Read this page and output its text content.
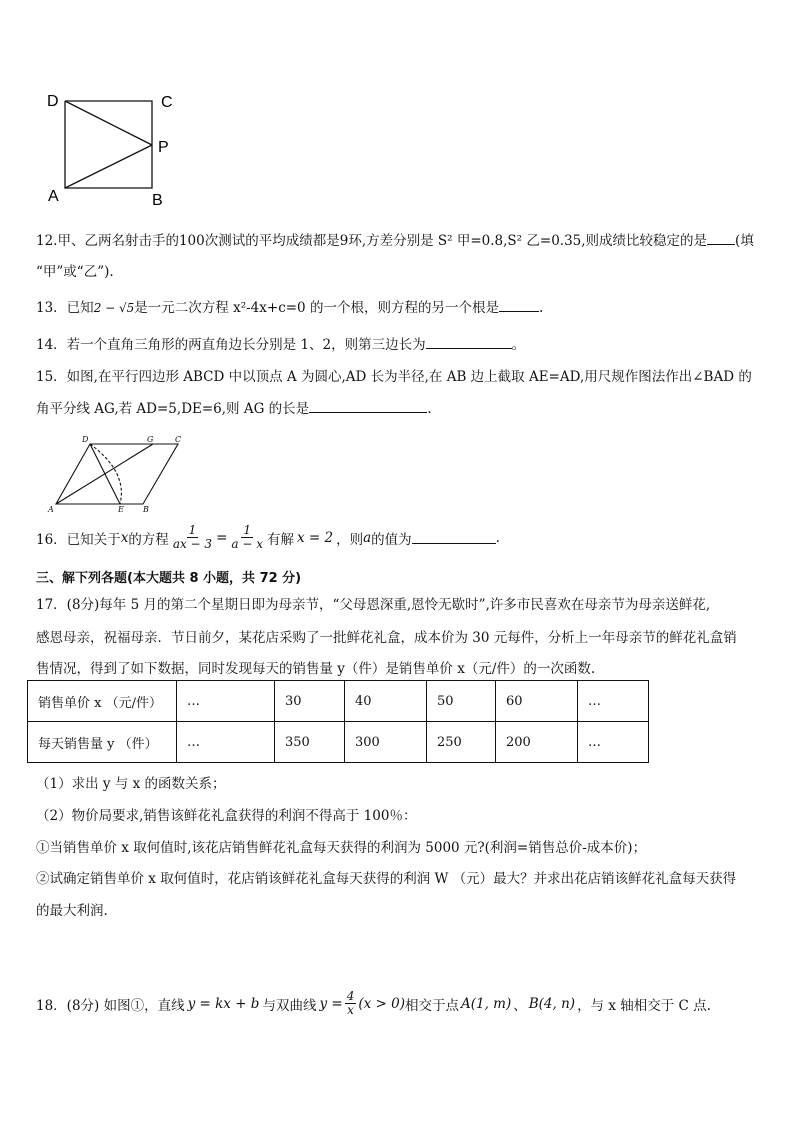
D	C
P
A	B
12.甲、乙两名射击手的100次测试的平均成绩都是9环,方差分别是 S² 甲=0.8,S² 乙=0.35,则成绩比较稳定的是 (填
“甲”或“乙”).
13．已知2 − √5是一元二次方程 x²-4x+c=0 的一个根，则方程的另一个根是	.
14．若一个直角三角形的两直角边长分别是 1、2，则第三边长为	。
15．如图,在平行四边形 ABCD 中以顶点 A 为圆心,AD 长为半径,在 AB 边上截取 AE=AD,用尺规作图法作出∠BAD 的
角平分线 AG,若 AD=5,DE=6,则 AG 的长是	.
D	G	C
A	E B
16．已知关于 x 的方程 $\frac{1}{ax - 3} = \frac{1}{a - x}$ 有解 x = 2 ，则 a 的值为	.
三、解下列各题(本大题共 8 小题，共 72 分)
17．(8分)每年 5 月的第二个星期日即为母亲节，“父母恩深重,恩怜无歇时”,许多市民喜欢在母亲节为母亲送鲜花,
感恩母亲，祝福母亲．节日前夕，某花店采购了一批鲜花礼盒，成本价为 30 元每件，分析上一年母亲节的鲜花礼盒销
售情况，得到了如下数据，同时发现每天的销售量 y（件）是销售单价 x（元/件）的一次函数.
销售单价 x （元/件）	…	30	40	50	60	…
每天销售量 y （件）	…	350	300	250	200	…
（1）求出 y 与 x 的函数关系；
（2）物价局要求,销售该鲜花礼盒获得的利润不得高于 100％：
①当销售单价 x 取何值时,该花店销售鲜花礼盒每天获得的利润为 5000 元?(利润=销售总价-成本价)；
②试确定销售单价 x 取何值时，花店销该鲜花礼盒每天获得的利润 W （元）最大？并求出花店销该鲜花礼盒每天获得
的最大利润.
18．(8分) 如图①，直线 y = kx + b 与双曲线 $y = \frac{4}{x} (x > 0)$ 相交于点 A(1, m) 、 B(4, n) ，与 x 轴相交于 C 点.
